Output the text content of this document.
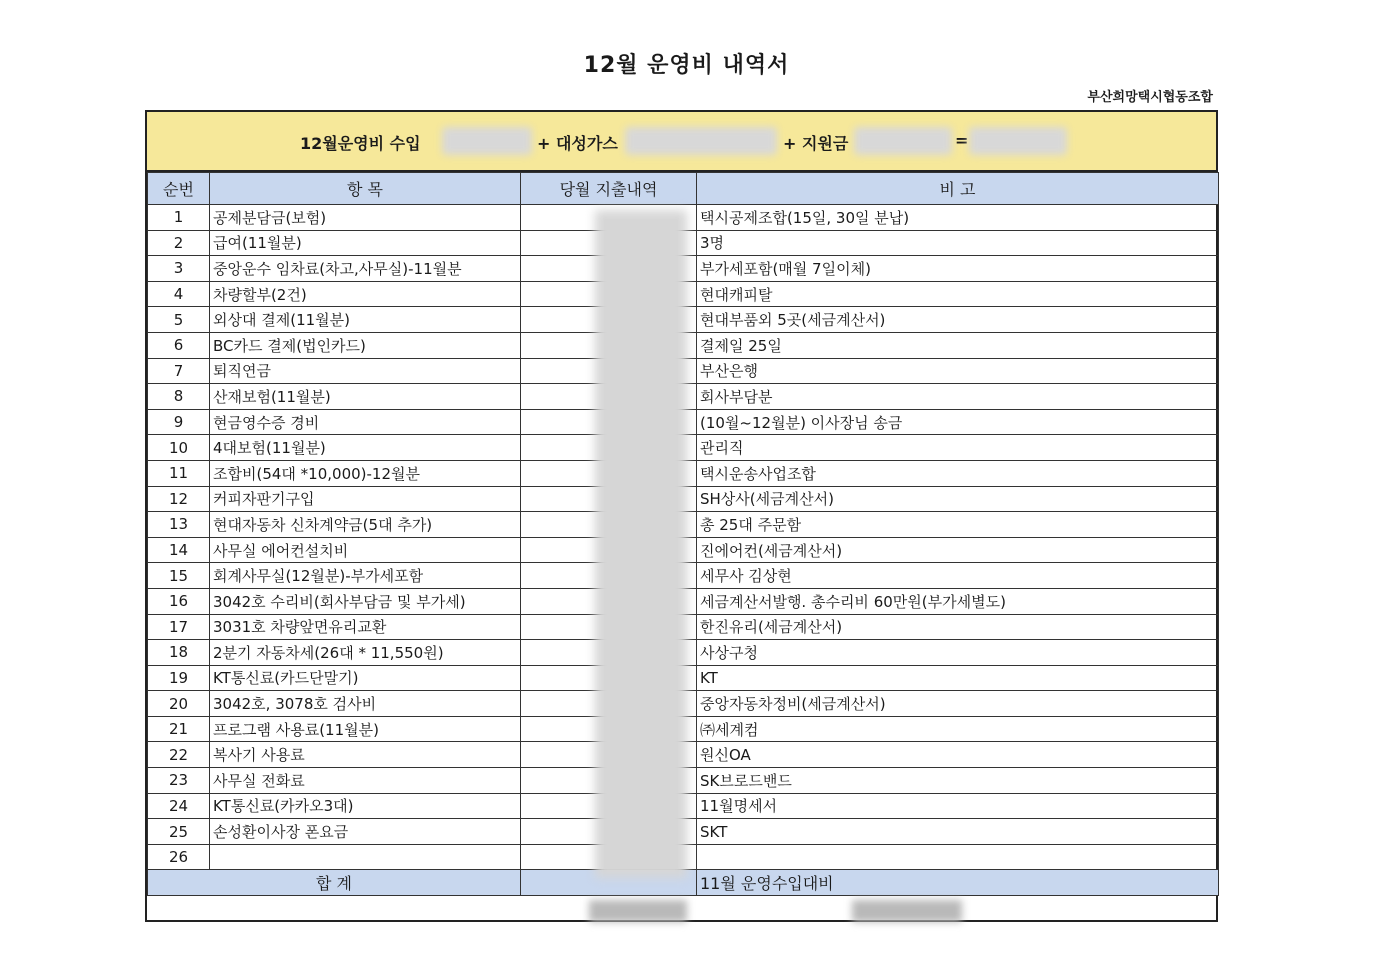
12월 운영비 내역서
부산희망택시협동조합
12월운영비 수입	+ 대성가스	+ 지원금	=
순번	항 목	당월 지출내역	비 고
1	공제분담금(보험)		택시공제조합(15일, 30일 분납)
2	급여(11월분)		3명
3	중앙운수 임차료(차고,사무실)-11월분		부가세포함(매월 7일이체)
4	차량할부(2건)		현대캐피탈
5	외상대 결제(11월분)		현대부품외 5곳(세금계산서)
6	BC카드 결제(법인카드)		결제일 25일
7	퇴직연금		부산은행
8	산재보험(11월분)		회사부담분
9	현금영수증 경비		(10월~12월분) 이사장님 송금
10	4대보험(11월분)		관리직
11	조합비(54대 *10,000)-12월분		택시운송사업조합
12	커피자판기구입		SH상사(세금계산서)
13	현대자동차 신차계약금(5대 추가)		총 25대 주문함
14	사무실 에어컨설치비		진에어컨(세금계산서)
15	회계사무실(12월분)-부가세포함		세무사 김상현
16	3042호 수리비(회사부담금 및 부가세)		세금계산서발행. 총수리비 60만원(부가세별도)
17	3031호 차량앞면유리교환		한진유리(세금계산서)
18	2분기 자동차세(26대 * 11,550원)		사상구청
19	KT통신료(카드단말기)		KT
20	3042호, 3078호 검사비		중앙자동차정비(세금계산서)
21	프로그램 사용료(11월분)		㈜세계컴
22	복사기 사용료		원신OA
23	사무실 전화료		SK브로드밴드
24	KT통신료(카카오3대)		11월명세서
25	손성환이사장 폰요금		SKT
26			
합 계			11월 운영수입대비
